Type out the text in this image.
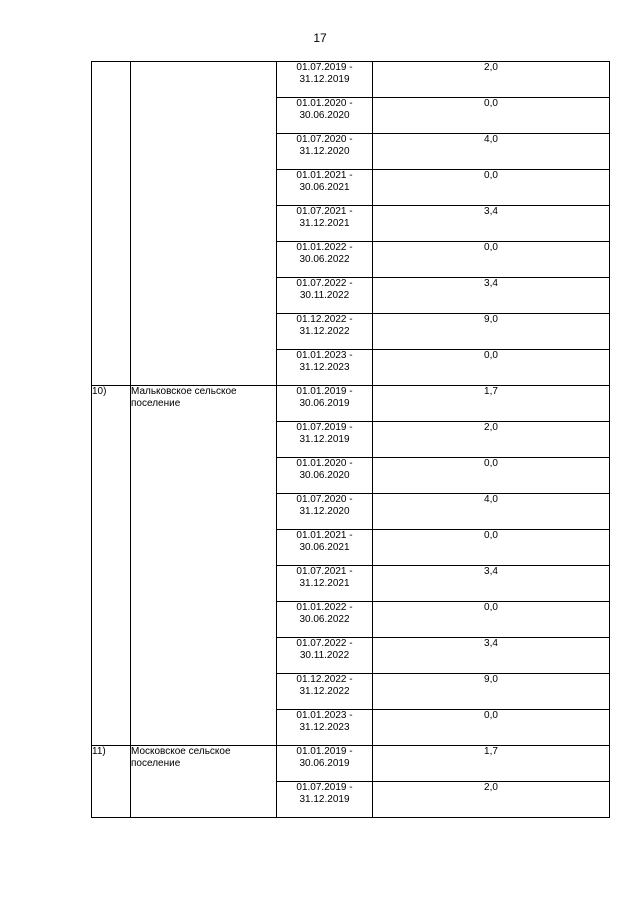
17

		01.07.2019 -
31.12.2019	2,0

		01.01.2020 -
30.06.2020	0,0

		01.07.2020 -
31.12.2020	4,0

		01.01.2021 -
30.06.2021	0,0

		01.07.2021 -
31.12.2021	3,4

		01.01.2022 -
30.06.2022	0,0

		01.07.2022 -
30.11.2022	3,4

		01.12.2022 -
31.12.2022	9,0

		01.01.2023 -
31.12.2023	0,0
10)	Мальковское сельское поселение	01.01.2019 -
30.06.2019	1,7

		01.07.2019 -
31.12.2019	2,0

		01.01.2020 -
30.06.2020	0,0

		01.07.2020 -
31.12.2020	4,0

		01.01.2021 -
30.06.2021	0,0

		01.07.2021 -
31.12.2021	3,4

		01.01.2022 -
30.06.2022	0,0

		01.07.2022 -
30.11.2022	3,4

		01.12.2022 -
31.12.2022	9,0

		01.01.2023 -
31.12.2023	0,0
11)	Московское сельское поселение	01.01.2019 -
30.06.2019	1,7

		01.07.2019 -
31.12.2019	2,0
